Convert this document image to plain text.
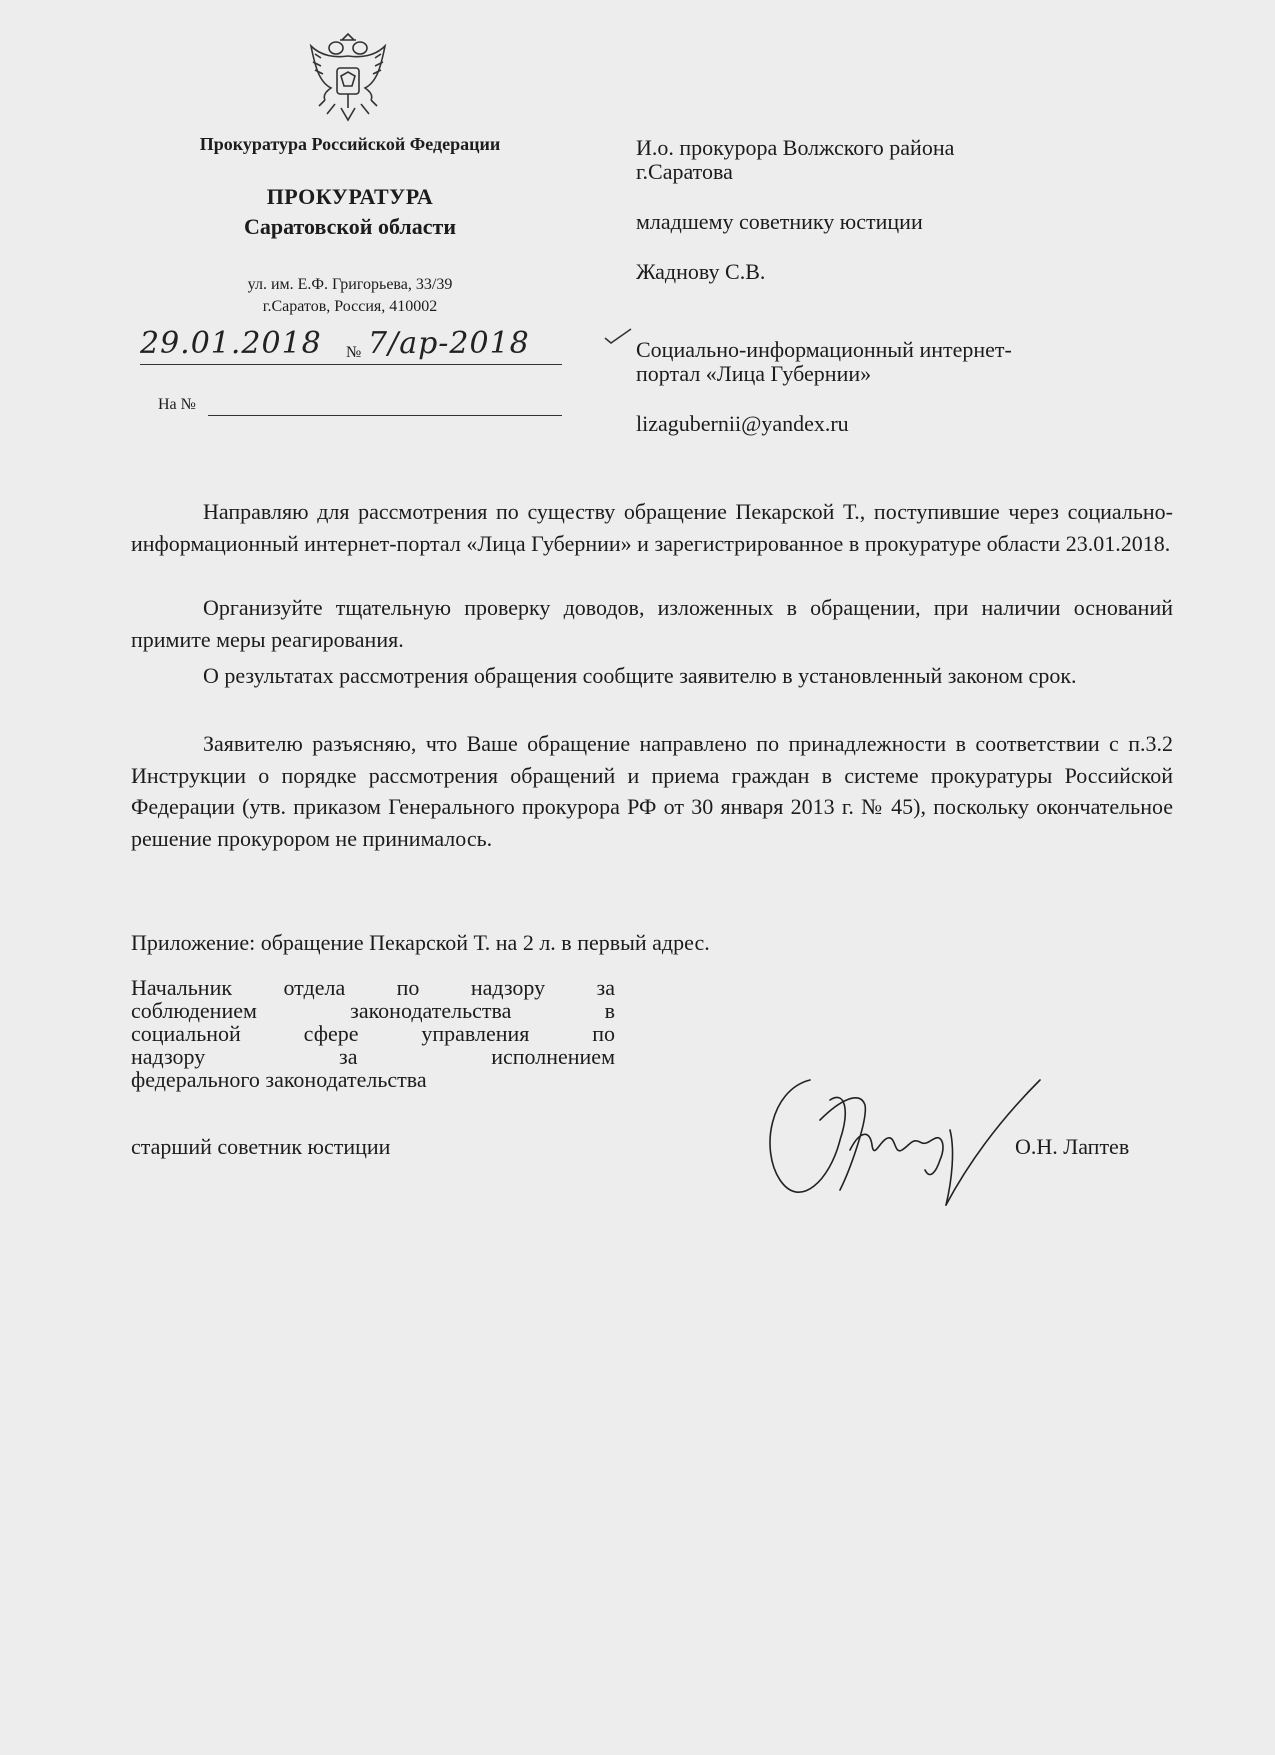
Прокуратура Российской Федерации
ПРОКУРАТУРА
Саратовской области
ул. им. Е.Ф. Григорьева, 33/39
г.Саратов, Россия, 410002
29.01.2018 № 7/ар-2018
На №
И.о. прокурора Волжского района
г.Саратова
младшему советнику юстиции
Жаднову С.В.
Социально-информационный интернет-
портал «Лица Губернии»
lizagubernii@yandex.ru

Направляю для рассмотрения по существу обращение Пекарской Т., поступившие через социально-информационный интернет-портал «Лица Губернии» и зарегистрированное в прокуратуре области 23.01.2018.

Организуйте тщательную проверку доводов, изложенных в обращении, при наличии оснований примите меры реагирования.

О результатах рассмотрения обращения сообщите заявителю в установленный законом срок.

Заявителю разъясняю, что Ваше обращение направлено по принадлежности в соответствии с п.3.2 Инструкции о порядке рассмотрения обращений и приема граждан в системе прокуратуры Российской Федерации (утв. приказом Генерального прокурора РФ от 30 января 2013 г. № 45), поскольку окончательное решение прокурором не принималось.

Приложение: обращение Пекарской Т. на 2 л. в первый адрес.
Начальник отдела по надзору за
соблюдением законодательства в
социальной сфере управления по
надзору за исполнением
федерального законодательства
старший советник юстиции	О.Н. Лаптев
